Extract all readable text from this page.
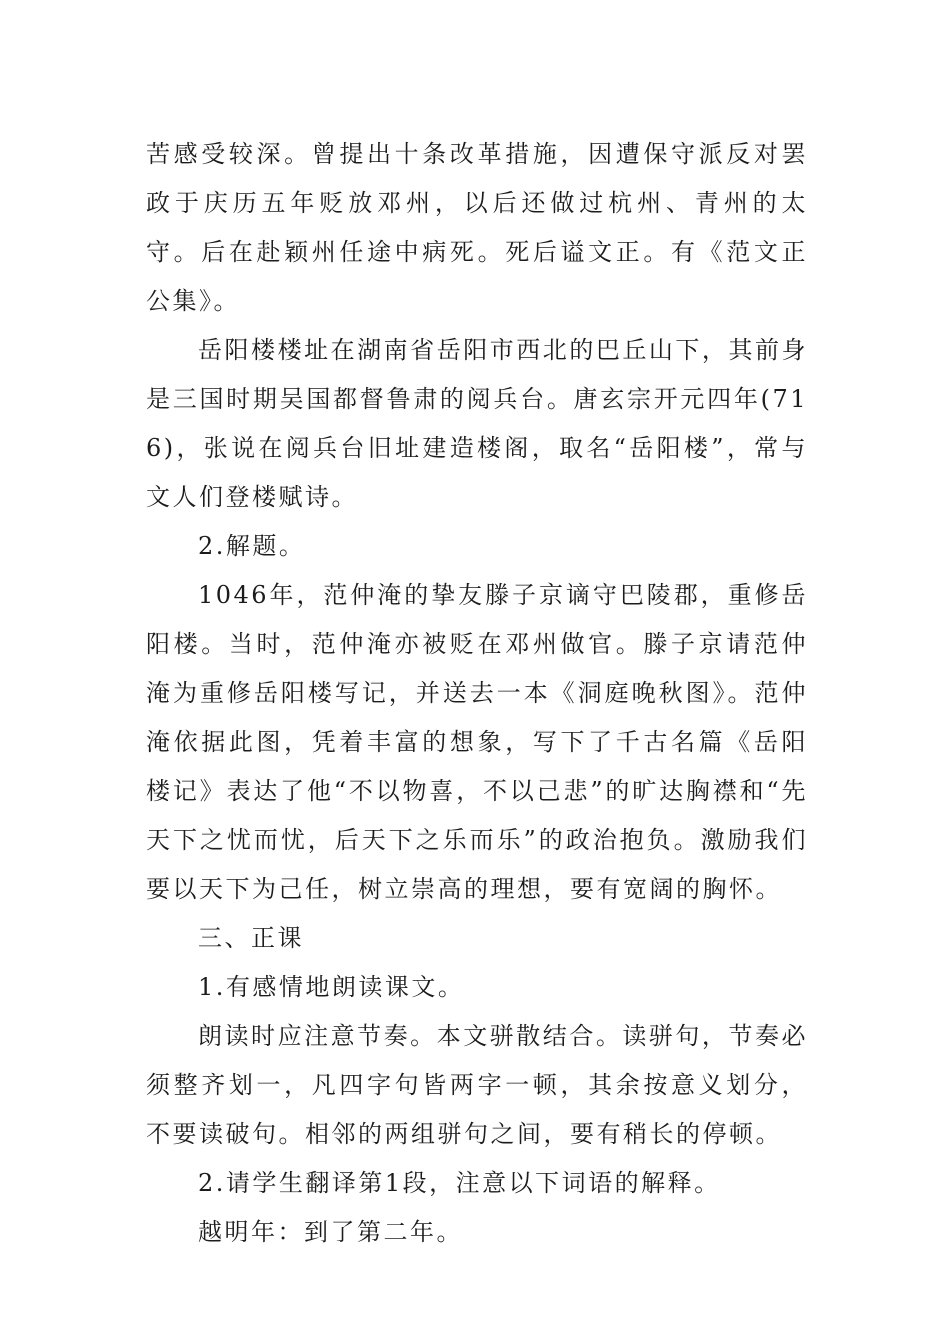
苦感受较深。曾提出十条改革措施，因遭保守派反对罢政于庆历五年贬放邓州，以后还做过杭州、青州的太守。后在赴颖州任途中病死。死后谥文正。有《范文正公集》。

岳阳楼楼址在湖南省岳阳市西北的巴丘山下，其前身是三国时期吴国都督鲁肃的阅兵台。唐玄宗开元四年(716)，张说在阅兵台旧址建造楼阁，取名“岳阳楼”，常与文人们登楼赋诗。

2.解题。

1046年，范仲淹的挚友滕子京谪守巴陵郡，重修岳阳楼。当时，范仲淹亦被贬在邓州做官。滕子京请范仲淹为重修岳阳楼写记，并送去一本《洞庭晚秋图》。范仲淹依据此图，凭着丰富的想象，写下了千古名篇《岳阳楼记》表达了他“不以物喜，不以己悲”的旷达胸襟和“先天下之忧而忧，后天下之乐而乐”的政治抱负。激励我们要以天下为己任，树立崇高的理想，要有宽阔的胸怀。

三、正课

1.有感情地朗读课文。

朗读时应注意节奏。本文骈散结合。读骈句，节奏必须整齐划一，凡四字句皆两字一顿，其余按意义划分，不要读破句。相邻的两组骈句之间，要有稍长的停顿。

2.请学生翻译第1段，注意以下词语的解释。

越明年：到了第二年。
